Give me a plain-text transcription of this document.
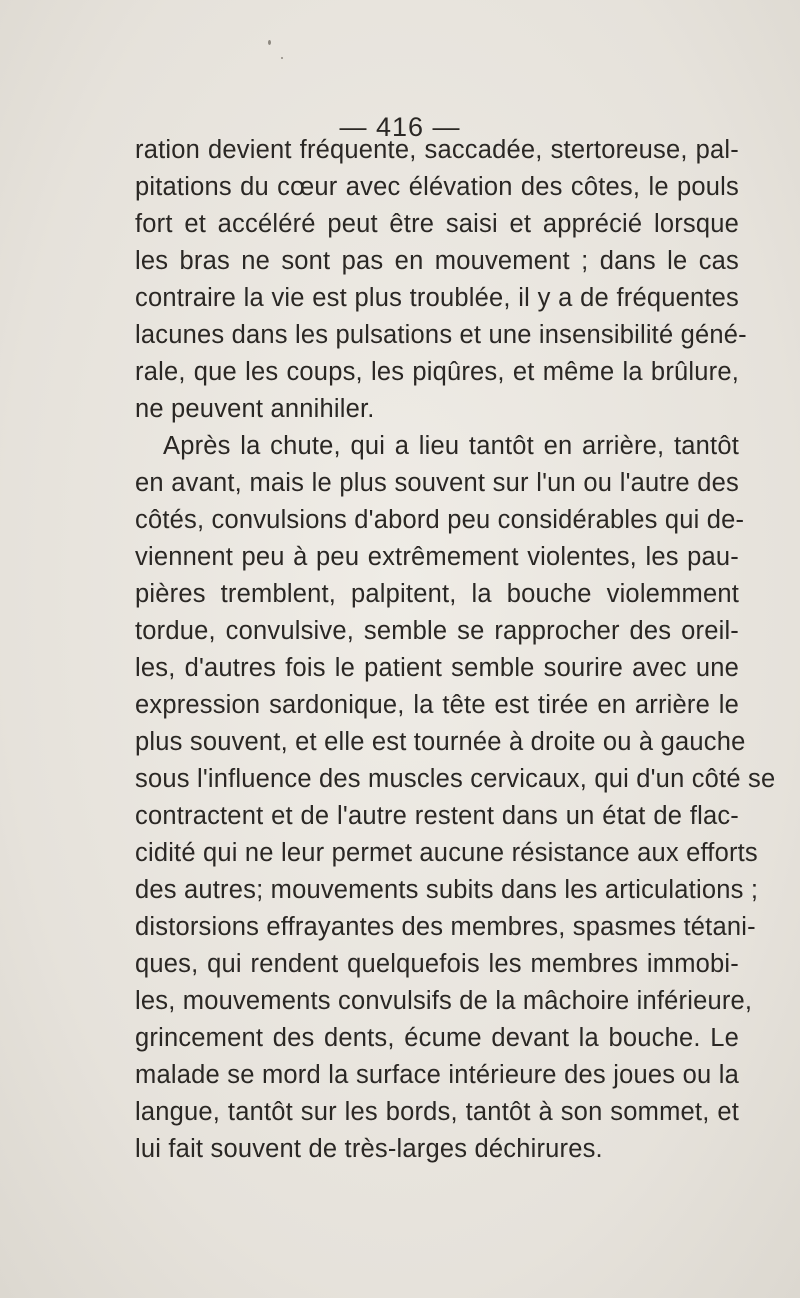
— 416 —
ration devient fréquente, saccadée, stertoreuse, pal-
pitations du cœur avec élévation des côtes, le pouls
fort et accéléré peut être saisi et apprécié lorsque
les bras ne sont pas en mouvement ; dans le cas
contraire la vie est plus troublée, il y a de fréquentes
lacunes dans les pulsations et une insensibilité géné-
rale, que les coups, les piqûres, et même la brûlure,
ne peuvent annihiler.
Après la chute, qui a lieu tantôt en arrière, tantôt
en avant, mais le plus souvent sur l'un ou l'autre des
côtés, convulsions d'abord peu considérables qui de-
viennent peu à peu extrêmement violentes, les pau-
pières tremblent, palpitent, la bouche violemment
tordue, convulsive, semble se rapprocher des oreil-
les, d'autres fois le patient semble sourire avec une
expression sardonique, la tête est tirée en arrière le
plus souvent, et elle est tournée à droite ou à gauche
sous l'influence des muscles cervicaux, qui d'un côté se
contractent et de l'autre restent dans un état de flac-
cidité qui ne leur permet aucune résistance aux efforts
des autres; mouvements subits dans les articulations ;
distorsions effrayantes des membres, spasmes tétani-
ques, qui rendent quelquefois les membres immobi-
les, mouvements convulsifs de la mâchoire inférieure,
grincement des dents, écume devant la bouche. Le
malade se mord la surface intérieure des joues ou la
langue, tantôt sur les bords, tantôt à son sommet, et
lui fait souvent de très-larges déchirures.
